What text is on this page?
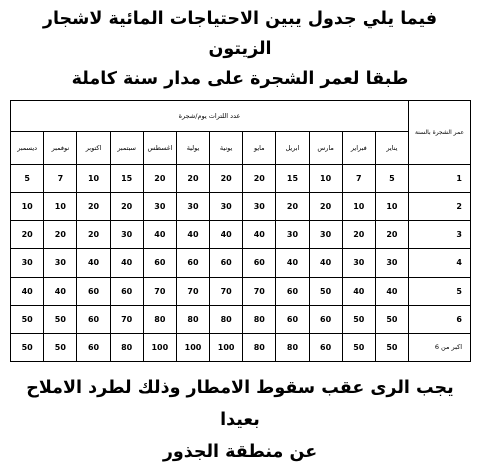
فيما يلي جدول يبين الاحتياجات المائية لاشجار الزيتون
طبقا لعمر الشجرة على مدار سنة كاملة
عمر الشجرة بالسنة	عدد اللترات يوم/شجرة											
	يناير	فبراير	مارس	ابريل	مايو	يونية	يولية	اغسطس	سبتمبر	اكتوبر	نوفمبر	ديسمبر
1	5	7	10	15	20	20	20	20	15	10	7	5
2	10	10	20	20	30	30	30	30	20	20	10	10
3	20	20	30	30	40	40	40	40	30	20	20	20
4	30	30	40	40	60	60	60	60	40	40	30	30
5	40	40	50	60	70	70	70	70	60	60	40	40
6	50	50	60	60	80	80	80	80	70	60	50	50
اكبر من 6	50	50	60	80	80	100	100	100	80	60	50	50
يجب الرى عقب سقوط الامطار وذلك لطرد الاملاح بعيدا
عن منطقة الجذور
